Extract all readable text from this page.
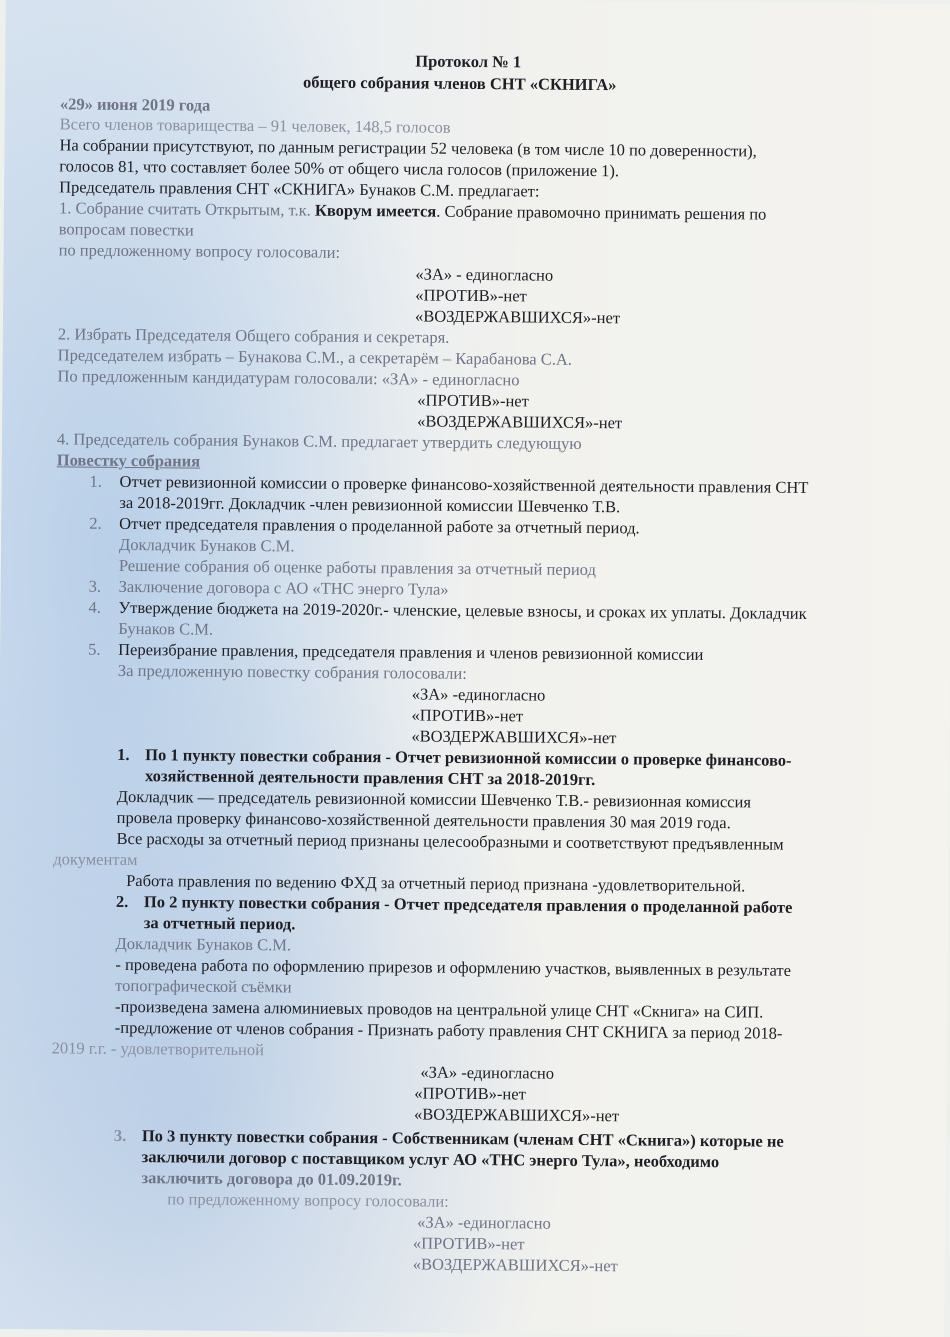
Протокол № 1
общего собрания членов СНТ «СКНИГА»
«29» июня 2019 года
Всего членов товарищества – 91 человек, 148,5 голосов
На собрании присутствуют, по данным регистрации 52 человека (в том числе 10 по доверенности),
голосов 81, что составляет более 50% от общего числа голосов (приложение 1).
Председатель правления СНТ «СКНИГА» Бунаков С.М. предлагает:
1. Собрание считать Открытым, т.к. Кворум имеется. Собрание правомочно принимать решения по
вопросам повестки
по предложенному вопросу голосовали:
«ЗА» - единогласно
«ПРОТИВ»-нет
«ВОЗДЕРЖАВШИХСЯ»-нет
2. Избрать Председателя Общего собрания и секретаря.
Председателем избрать – Бунакова С.М., а секретарём – Карабанова С.А.
По предложенным кандидатурам голосовали: «ЗА» - единогласно
«ПРОТИВ»-нет
«ВОЗДЕРЖАВШИХСЯ»-нет
4. Председатель собрания Бунаков С.М. предлагает утвердить следующую
Повестку собрания
1. Отчет ревизионной комиссии о проверке финансово-хозяйственной деятельности правления СНТ
за 2018-2019гг. Докладчик -член ревизионной комиссии Шевченко Т.В.
2. Отчет председателя правления о проделанной работе за отчетный период.
Докладчик Бунаков С.М.
Решение собрания об оценке работы правления за отчетный период
3. Заключение договора с АО «ТНС энерго Тула»
4. Утверждение бюджета на 2019-2020г.- членские, целевые взносы, и сроках их уплаты. Докладчик
Бунаков С.М.
5. Переизбрание правления, председателя правления и членов ревизионной комиссии
За предложенную повестку собрания голосовали:
«ЗА» -единогласно
«ПРОТИВ»-нет
«ВОЗДЕРЖАВШИХСЯ»-нет
1. По 1 пункту повестки собрания - Отчет ревизионной комиссии о проверке финансово-
хозяйственной деятельности правления СНТ за 2018-2019гг.
Докладчик — председатель ревизионной комиссии Шевченко Т.В.- ревизионная комиссия
провела проверку финансово-хозяйственной деятельности правления 30 мая 2019 года.
Все расходы за отчетный период признаны целесообразными и соответствуют предъявленным
документам
Работа правления по ведению ФХД за отчетный период признана -удовлетворительной.
2. По 2 пункту повестки собрания - Отчет председателя правления о проделанной работе
за отчетный период.
Докладчик Бунаков С.М.
- проведена работа по оформлению прирезов и оформлению участков, выявленных в результате
топографической съёмки
-произведена замена алюминиевых проводов на центральной улице СНТ «Скнига» на СИП.
-предложение от членов собрания - Признать работу правления СНТ СКНИГА за период 2018-
2019 г.г. - удовлетворительной
«ЗА» -единогласно
«ПРОТИВ»-нет
«ВОЗДЕРЖАВШИХСЯ»-нет
3. По 3 пункту повестки собрания - Собственникам (членам СНТ «Скнига») которые не
заключили договор с поставщиком услуг АО «ТНС энерго Тула», необходимо
заключить договора до 01.09.2019г.
по предложенному вопросу голосовали:
«ЗА» -единогласно
«ПРОТИВ»-нет
«ВОЗДЕРЖАВШИХСЯ»-нет
